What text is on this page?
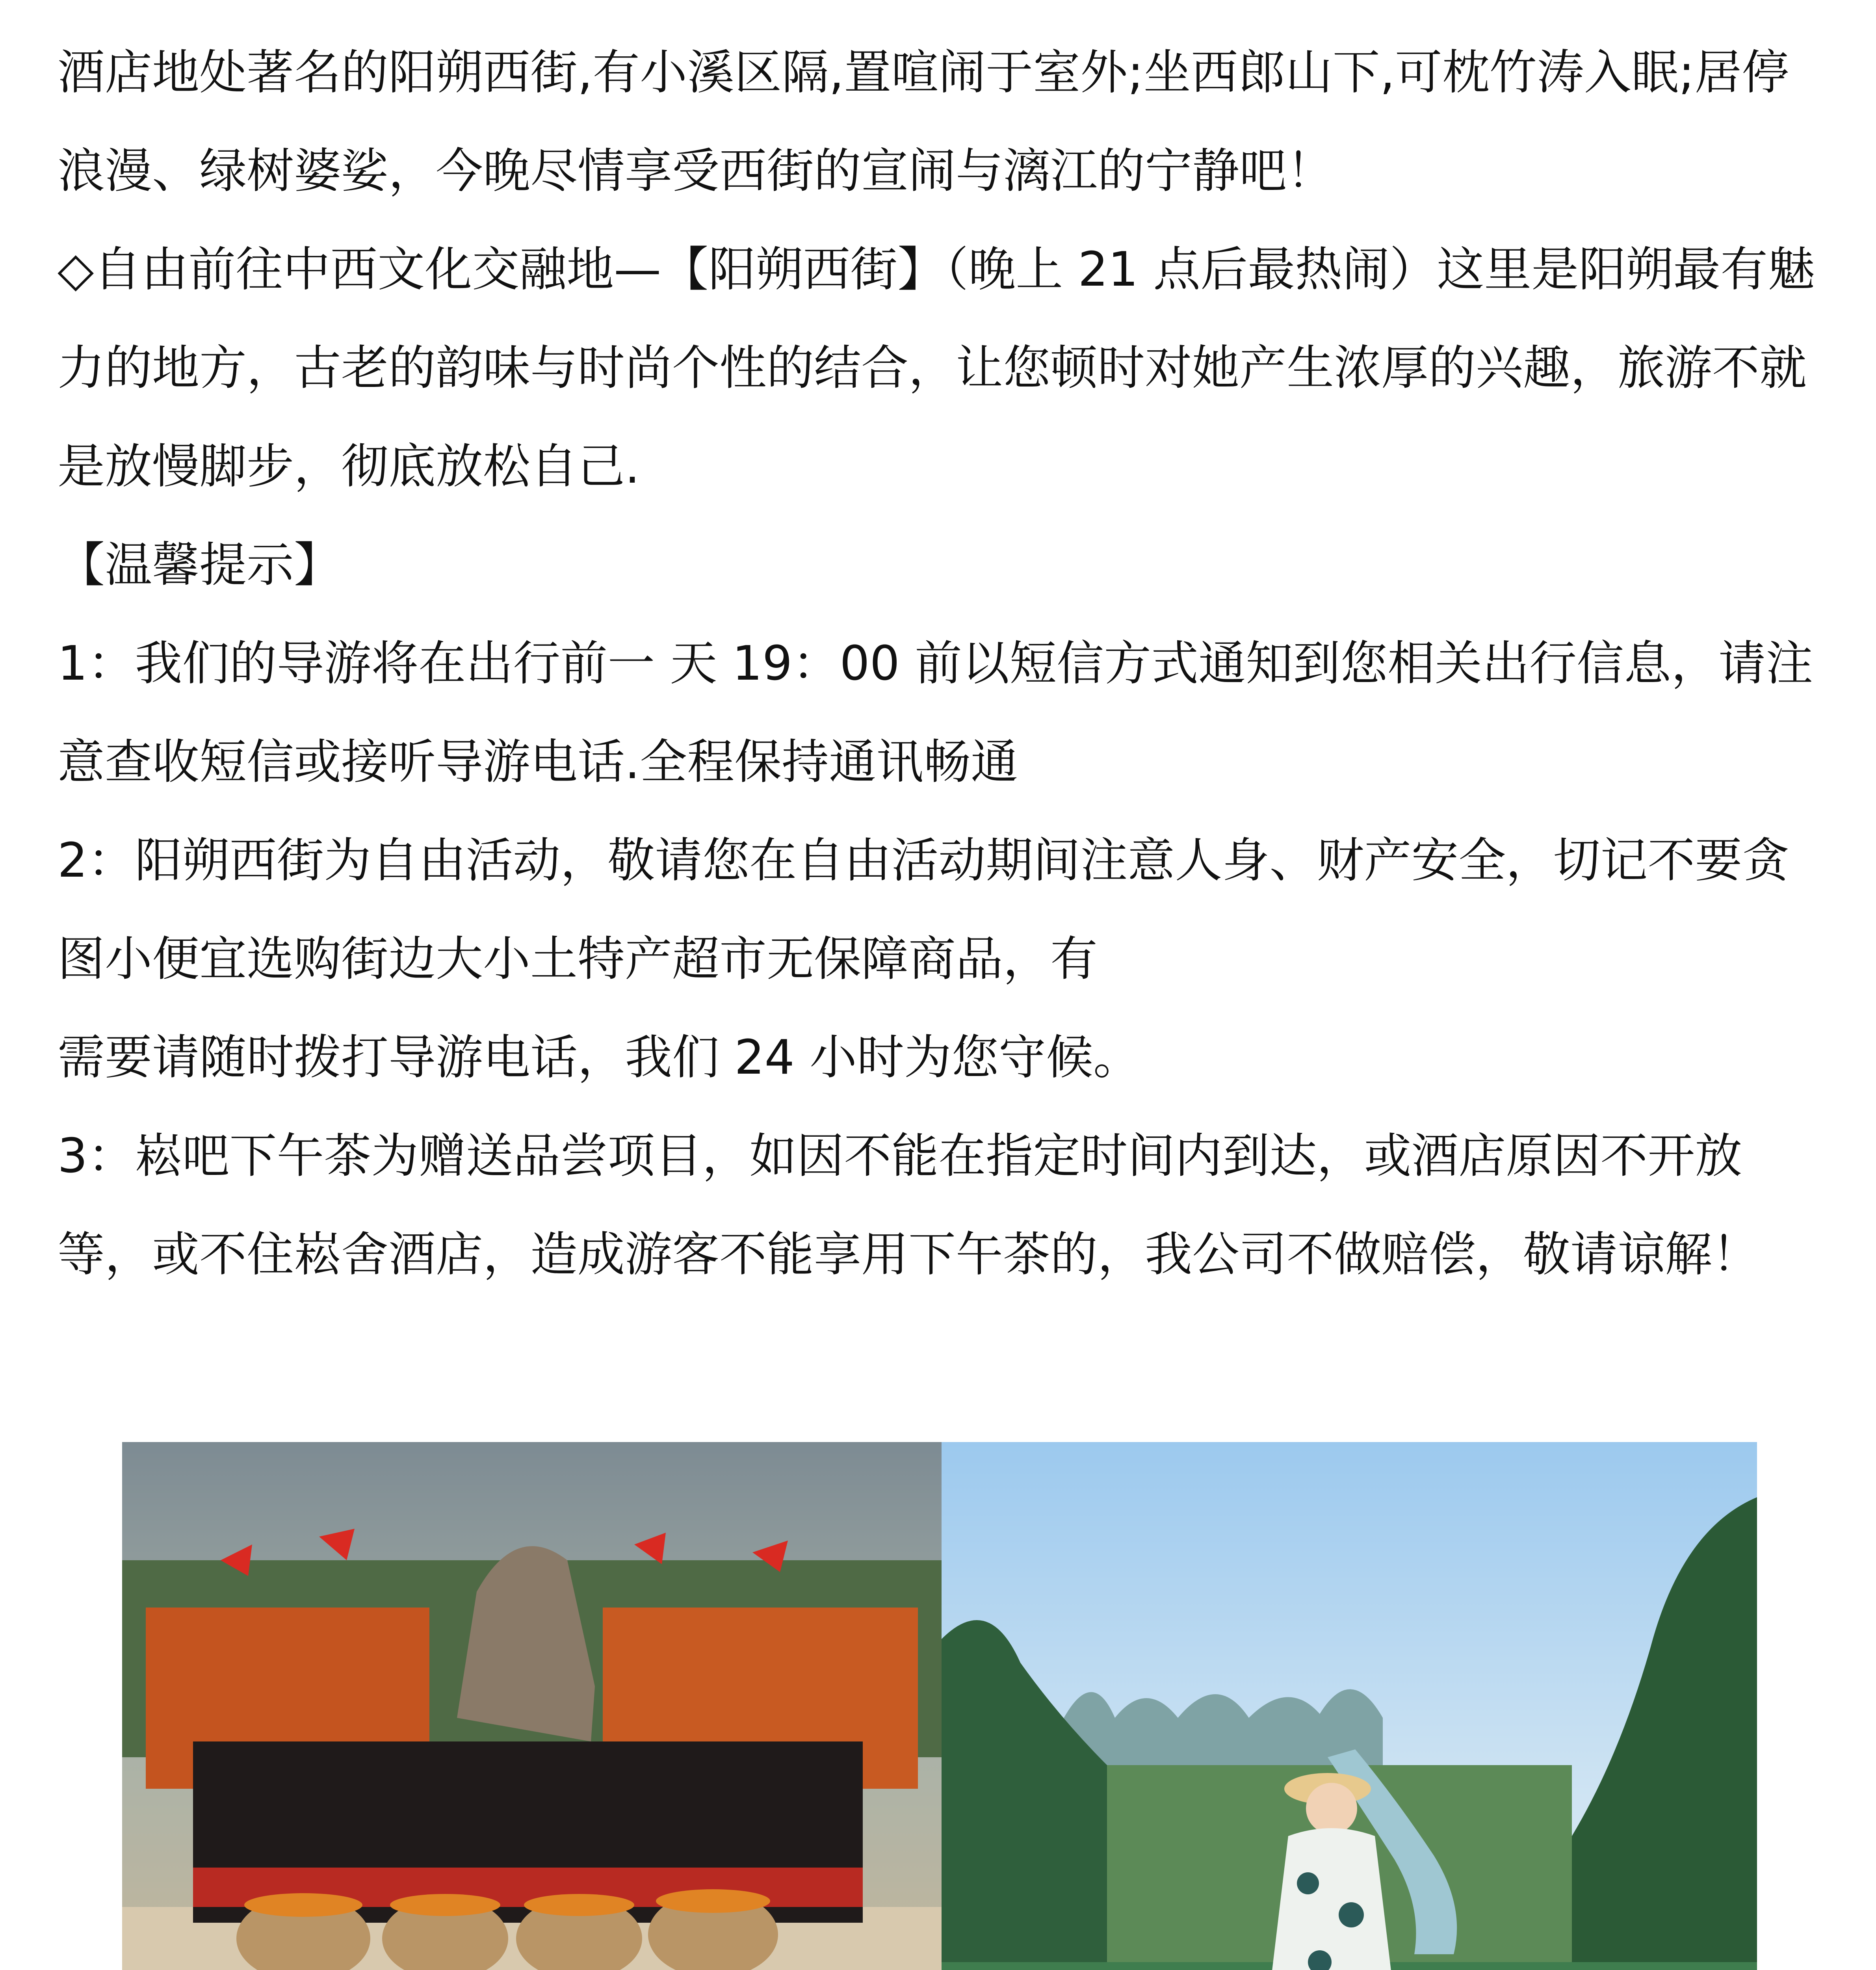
酒店地处著名的阳朔西街,有小溪区隔,置喧闹于室外;坐西郎山下,可枕竹涛入眠;居停浪漫、绿树婆娑，今晚尽情享受西街的宣闹与漓江的宁静吧！

◇自由前往中西文化交融地—【阳朔西街】（晚上 21 点后最热闹）这里是阳朔最有魅力的地方，古老的韵味与时尚个性的结合，让您顿时对她产生浓厚的兴趣，旅游不就是放慢脚步，彻底放松自己.

【温馨提示】

1：我们的导游将在出行前一 天 19：00 前以短信方式通知到您相关出行信息，请注意查收短信或接听导游电话.全程保持通讯畅通

2：阳朔西街为自由活动，敬请您在自由活动期间注意人身、财产安全，切记不要贪图小便宜选购街边大小土特产超市无保障商品，有

需要请随时拨打导游电话，我们 24 小时为您守候。

3：崧吧下午茶为赠送品尝项目，如因不能在指定时间内到达，或酒店原因不开放等，或不住崧舍酒店，造成游客不能享用下午茶的，我公司不做赔偿，敬请谅解！
